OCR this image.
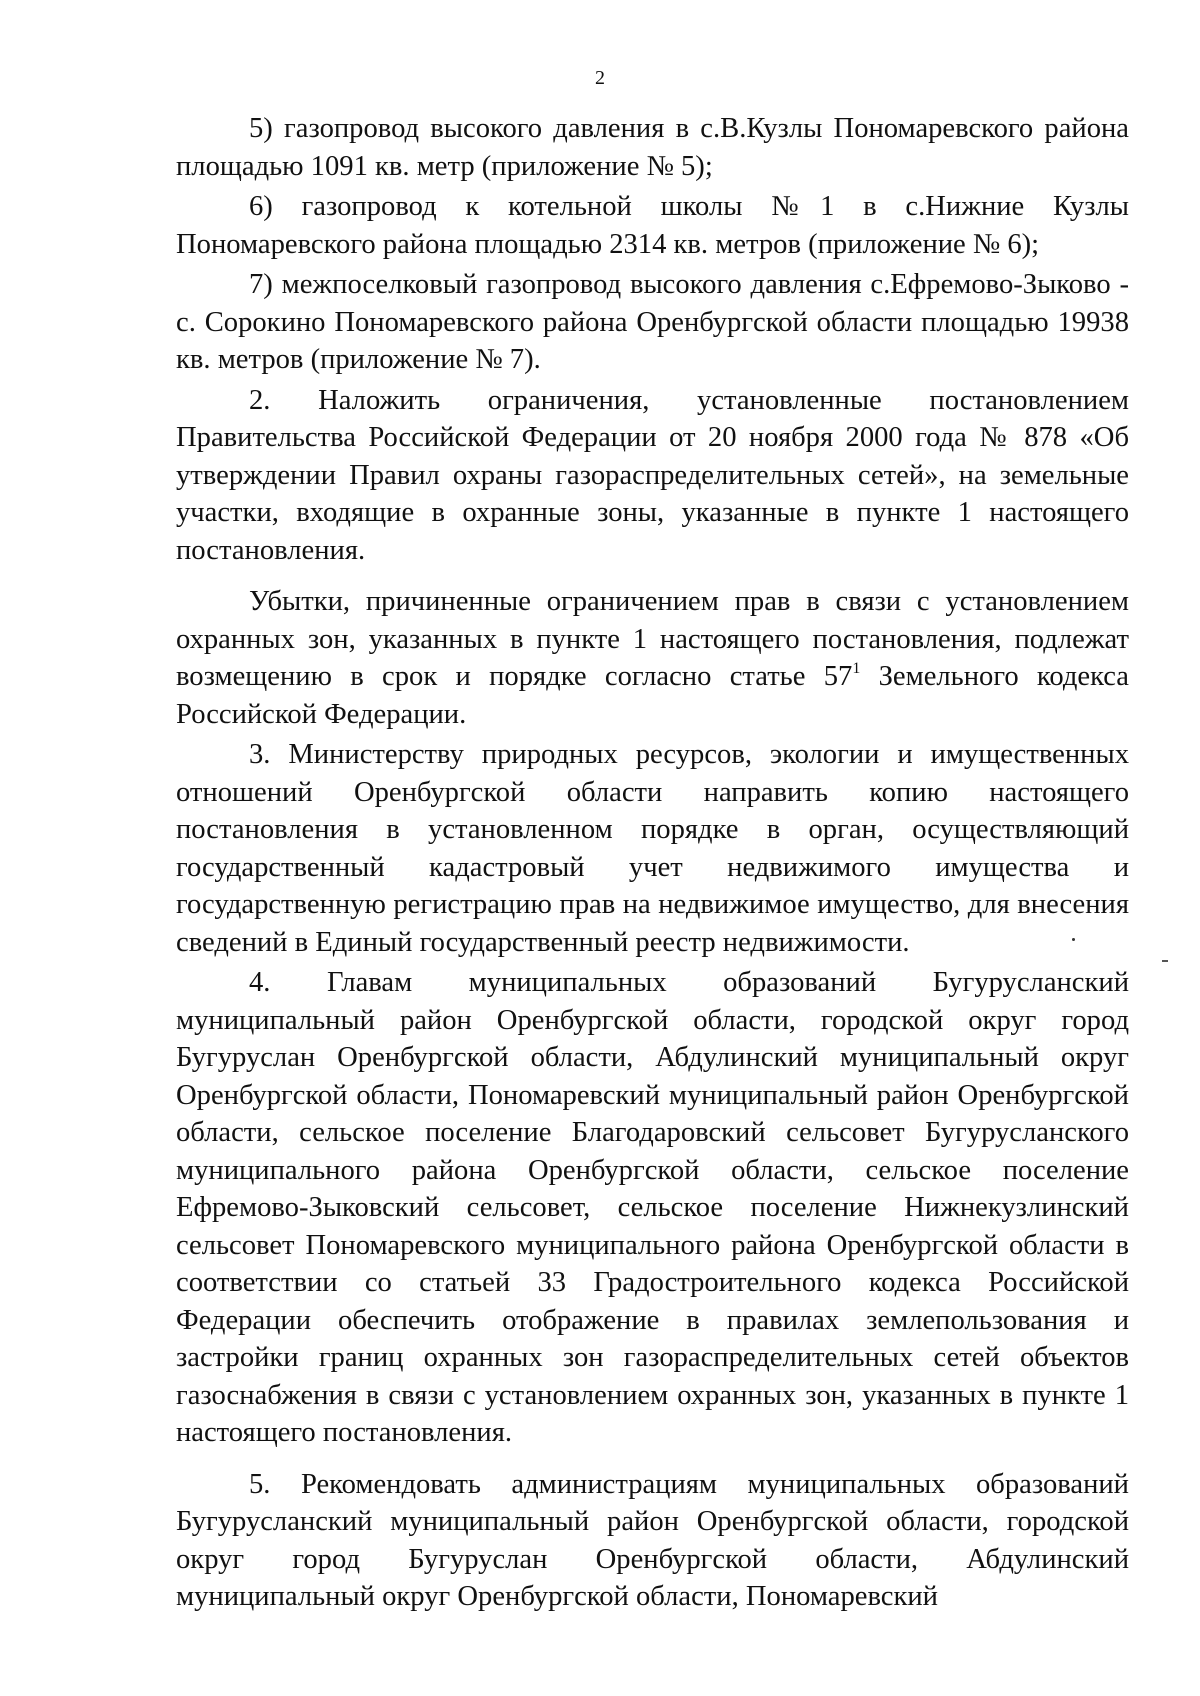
2

5) газопровод высокого давления в с.В.Кузлы Пономаревского района площадью 1091 кв. метр (приложение № 5);

6) газопровод к котельной школы №1 в с.Нижние Кузлы Пономаревского района площадью 2314 кв. метров (приложение № 6);

7) межпоселковый газопровод высокого давления с.Ефремово-Зыково - с. Сорокино Пономаревского района Оренбургской области площадью 19938 кв. метров (приложение № 7).

2. Наложить ограничения, установленные постановлением Правительства Российской Федерации от 20 ноября 2000 года № 878 «Об утверждении Правил охраны газораспределительных сетей», на земельные участки, входящие в охранные зоны, указанные в пункте 1 настоящего постановления.

Убытки, причиненные ограничением прав в связи с установлением охранных зон, указанных в пункте 1 настоящего постановления, подлежат возмещению в срок и порядке согласно статье $57^1$ Земельного кодекса Российской Федерации.

3. Министерству природных ресурсов, экологии и имущественных отношений Оренбургской области направить копию настоящего постановления в установленном порядке в орган, осуществляющий государственный кадастровый учет недвижимого имущества и государственную регистрацию прав на недвижимое имущество, для внесения сведений в Единый государственный реестр недвижимости.

4. Главам муниципальных образований Бугурусланский муниципальный район Оренбургской области, городской округ город Бугуруслан Оренбургской области, Абдулинский муниципальный округ Оренбургской области, Пономаревский муниципальный район Оренбургской области, сельское поселение Благодаровский сельсовет Бугурусланского муниципального района Оренбургской области, сельское поселение Ефремово-Зыковский сельсовет, сельское поселение Нижнекузлинский сельсовет Пономаревского муниципального района Оренбургской области в соответствии со статьей 33 Градостроительного кодекса Российской Федерации обеспечить отображение в правилах землепользования и застройки границ охранных зон газораспределительных сетей объектов газоснабжения в связи с установлением охранных зон, указанных в пункте 1 настоящего постановления.

5. Рекомендовать администрациям муниципальных образований Бугурусланский муниципальный район Оренбургской области, городской округ город Бугуруслан Оренбургской области, Абдулинский муниципальный округ Оренбургской области, Пономаревский
